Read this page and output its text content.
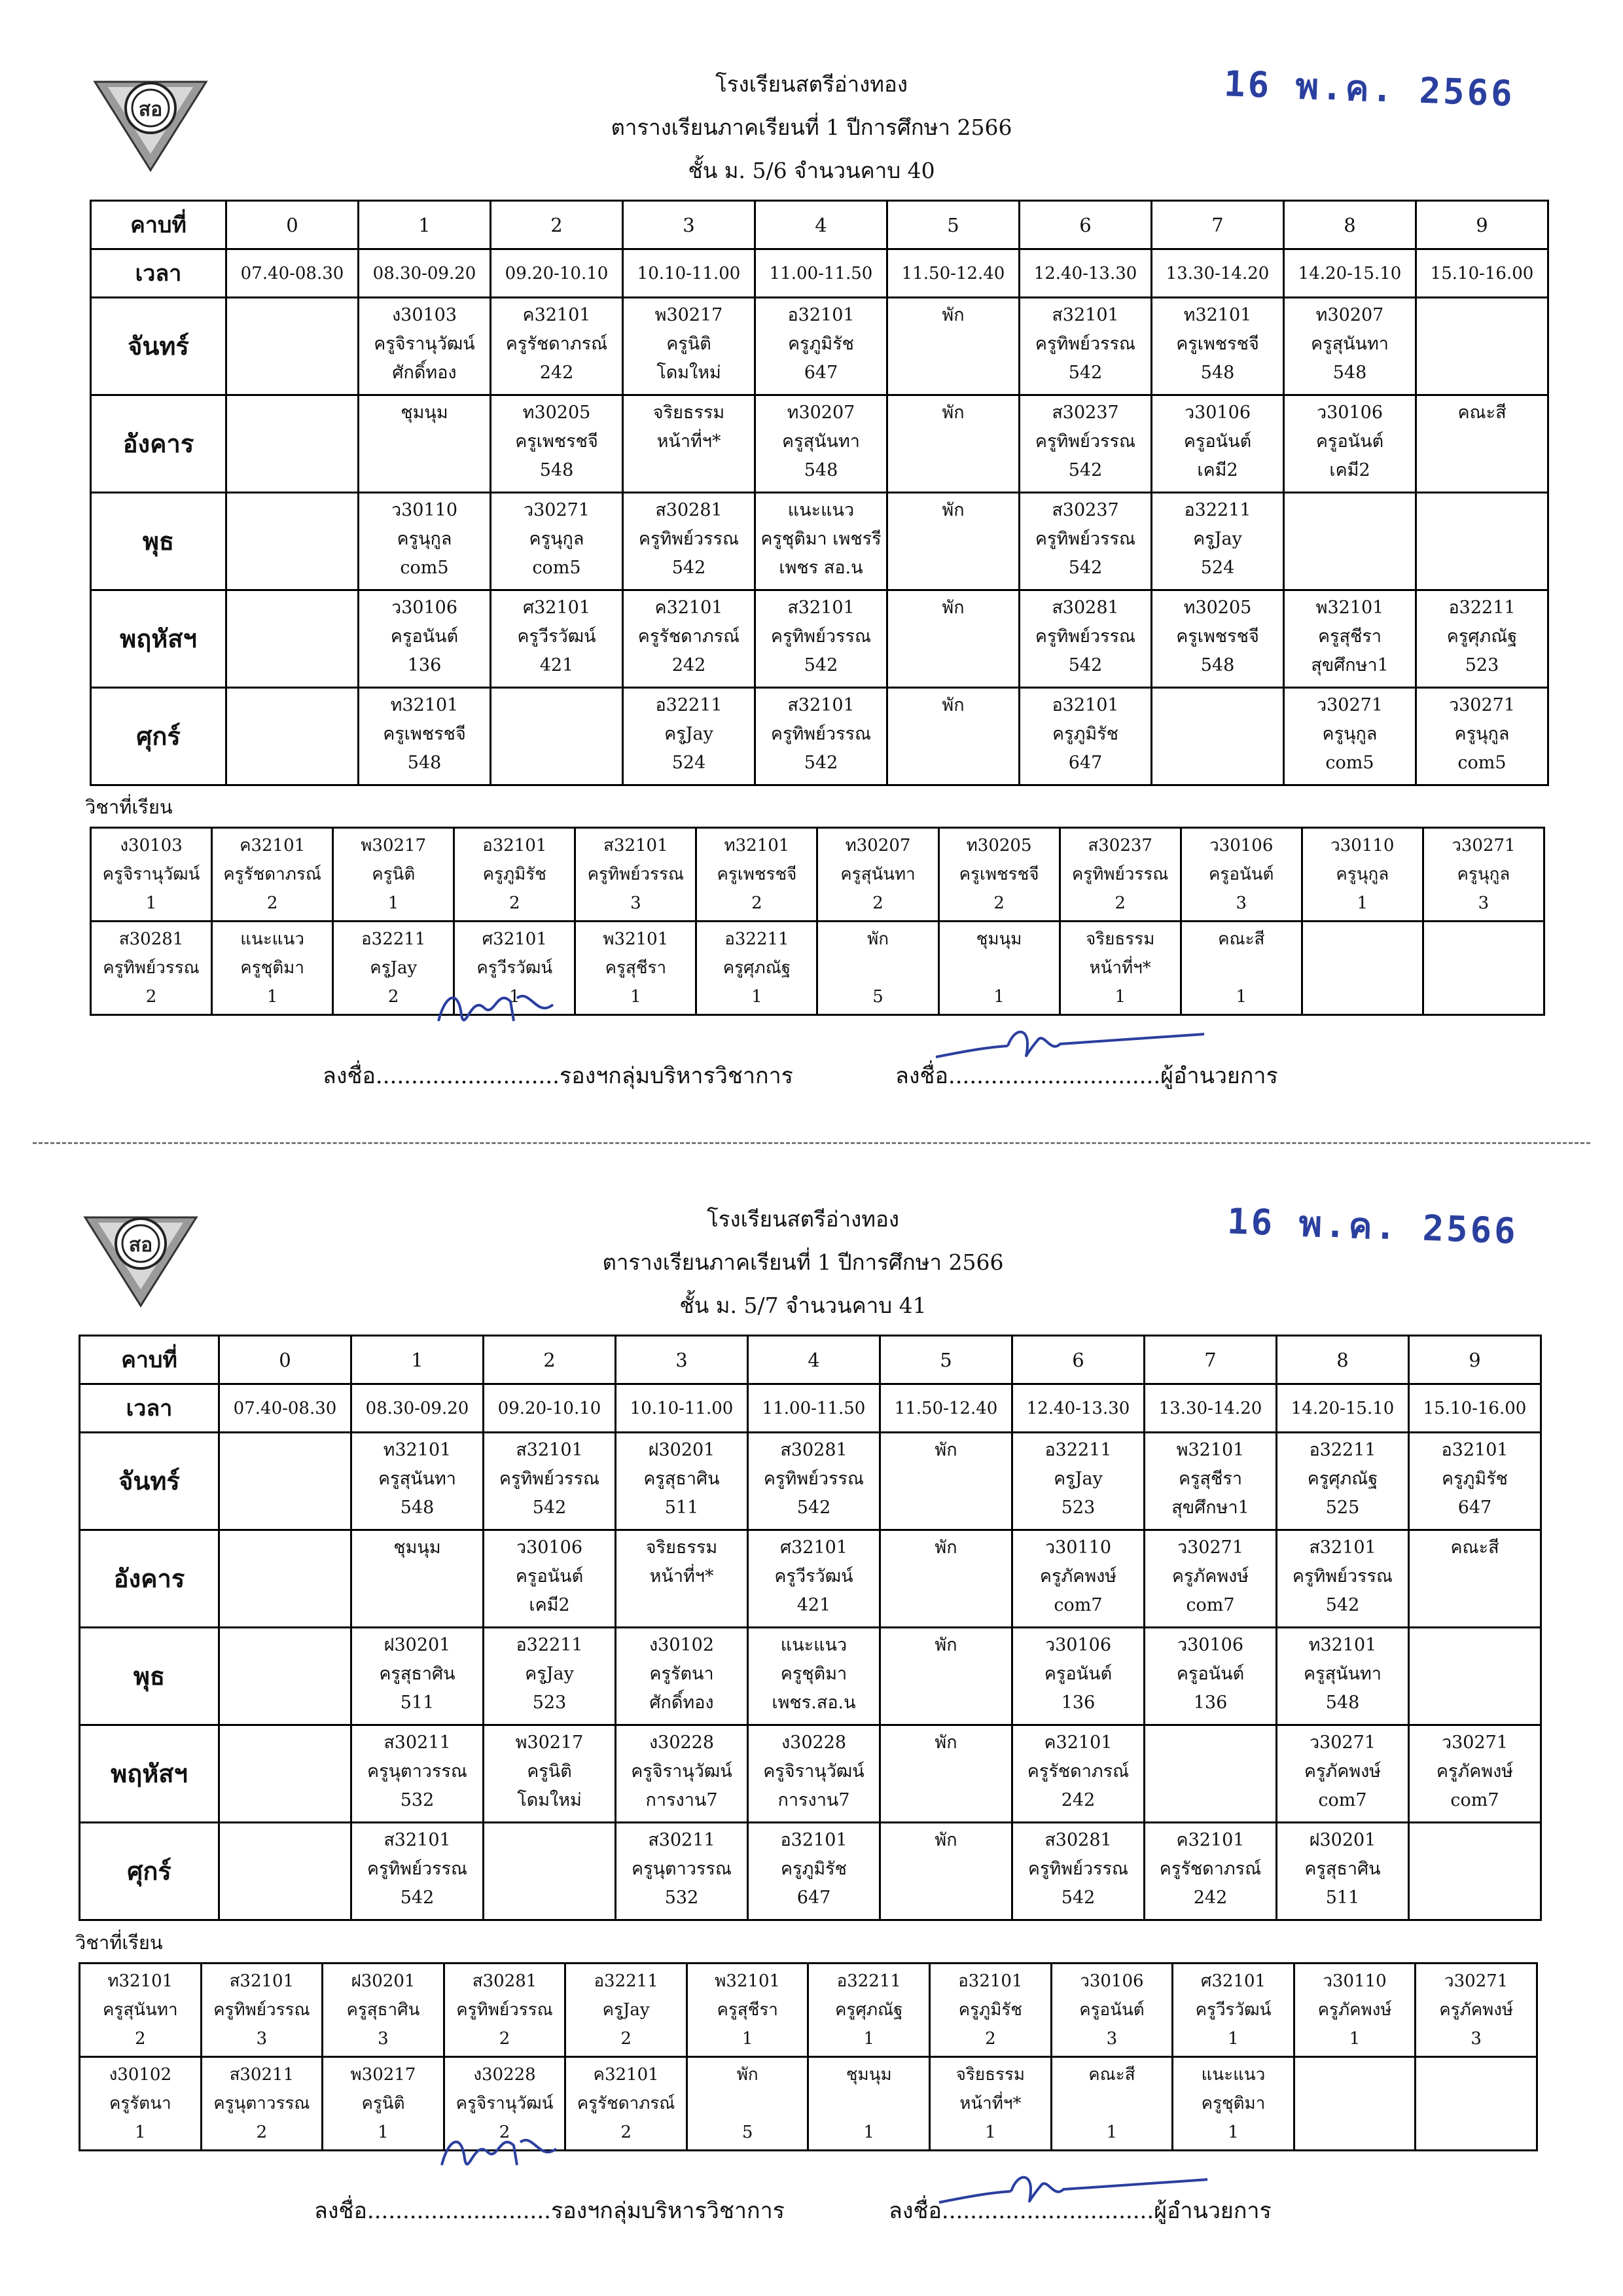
สอ
โรงเรียนสตรีอ่างทอง
ตารางเรียนภาคเรียนที่ 1 ปีการศึกษา 2566
ชั้น ม. 5/6 จำนวนคาบ 40
16 พ.ค. 2566
คาบที่	0	1	2	3	4	5	6	7	8	9
เวลา	07.40-08.30	08.30-09.20	09.20-10.10	10.10-11.00	11.00-11.50	11.50-12.40	12.40-13.30	13.30-14.20	14.20-15.10	15.10-16.00
จันทร์		ง30103
ครูจิรานุวัฒน์
ศักดิ์ทอง	ค32101
ครูรัชดาภรณ์
242	พ30217
ครูนิติ
โดมใหม่	อ32101
ครูภูมิรัช
647	พัก	ส32101
ครูทิพย์วรรณ
542	ท32101
ครูเพชรชจี
548	ท30207
ครูสุนันทา
548	

อังคาร		ชุมนุม	ท30205
ครูเพชรชจี
548	จริยธรรม
หน้าที่ฯ*	ท30207
ครูสุนันทา
548	พัก	ส30237
ครูทิพย์วรรณ
542	ว30106
ครูอนันต์
เคมี2	ว30106
ครูอนันต์
เคมี2	คณะสี

พุธ		ว30110
ครูนุกูล
com5	ว30271
ครูนุกูล
com5	ส30281
ครูทิพย์วรรณ
542	แนะแนว
ครูชุติมา เพชรรี
เพชร สอ.น	พัก	ส30237
ครูทิพย์วรรณ
542	อ32211
ครูJay
524		

พฤหัสฯ		ว30106
ครูอนันต์
136	ศ32101
ครูวีรวัฒน์
421	ค32101
ครูรัชดาภรณ์
242	ส32101
ครูทิพย์วรรณ
542	พัก	ส30281
ครูทิพย์วรรณ
542	ท30205
ครูเพชรชจี
548	พ32101
ครูสุชีรา
สุขศึกษา1	อ32211
ครูศุภณัฐ
523

ศุกร์		ท32101
ครูเพชรชจี
548		อ32211
ครูJay
524	ส32101
ครูทิพย์วรรณ
542	พัก	อ32101
ครูภูมิรัช
647		ว30271
ครูนุกูล
com5	ว30271
ครูนุกูล
com5
วิชาที่เรียน
ง30103
ครูจิรานุวัฒน์
1	ค32101
ครูรัชดาภรณ์
2	พ30217
ครูนิติ
1	อ32101
ครูภูมิรัช
2	ส32101
ครูทิพย์วรรณ
3	ท32101
ครูเพชรชจี
2	ท30207
ครูสุนันทา
2	ท30205
ครูเพชรชจี
2	ส30237
ครูทิพย์วรรณ
2	ว30106
ครูอนันต์
3	ว30110
ครูนุกูล
1	ว30271
ครูนุกูล
3

ส30281
ครูทิพย์วรรณ
2	แนะแนว
ครูชุติมา
1	อ32211
ครูJay
2	ศ32101
ครูวีรวัฒน์
1	พ32101
ครูสุชีรา
1	อ32211
ครูศุภณัฐ
1	พัก

5	ชุมนุม

1	จริยธรรม
หน้าที่ฯ*
1	คณะสี

1		

ลงชื่อ..........................รองฯกลุ่มบริหารวิชาการ	ลงชื่อ..............................ผู้อำนวยการ
สอ
โรงเรียนสตรีอ่างทอง
ตารางเรียนภาคเรียนที่ 1 ปีการศึกษา 2566
ชั้น ม. 5/7 จำนวนคาบ 41
16 พ.ค. 2566
คาบที่	0	1	2	3	4	5	6	7	8	9
เวลา	07.40-08.30	08.30-09.20	09.20-10.10	10.10-11.00	11.00-11.50	11.50-12.40	12.40-13.30	13.30-14.20	14.20-15.10	15.10-16.00
จันทร์		ท32101
ครูสุนันทา
548	ส32101
ครูทิพย์วรรณ
542	ฝ30201
ครูสุธาศิน
511	ส30281
ครูทิพย์วรรณ
542	พัก	อ32211
ครูJay
523	พ32101
ครูสุชีรา
สุขศึกษา1	อ32211
ครูศุภณัฐ
525	อ32101
ครูภูมิรัช
647

อังคาร		ชุมนุม	ว30106
ครูอนันต์
เคมี2	จริยธรรม
หน้าที่ฯ*	ศ32101
ครูวีรวัฒน์
421	พัก	ว30110
ครูภัคพงษ์
com7	ว30271
ครูภัคพงษ์
com7	ส32101
ครูทิพย์วรรณ
542	คณะสี

พุธ		ฝ30201
ครูสุธาศิน
511	อ32211
ครูJay
523	ง30102
ครูรัตนา
ศักดิ์ทอง	แนะแนว
ครูชุติมา
เพชร.สอ.น	พัก	ว30106
ครูอนันต์
136	ว30106
ครูอนันต์
136	ท32101
ครูสุนันทา
548	

พฤหัสฯ		ส30211
ครูนุตาวรรณ
532	พ30217
ครูนิติ
โดมใหม่	ง30228
ครูจิรานุวัฒน์
การงาน7	ง30228
ครูจิรานุวัฒน์
การงาน7	พัก	ค32101
ครูรัชดาภรณ์
242		ว30271
ครูภัคพงษ์
com7	ว30271
ครูภัคพงษ์
com7

ศุกร์		ส32101
ครูทิพย์วรรณ
542		ส30211
ครูนุตาวรรณ
532	อ32101
ครูภูมิรัช
647	พัก	ส30281
ครูทิพย์วรรณ
542	ค32101
ครูรัชดาภรณ์
242	ฝ30201
ครูสุธาศิน
511	

วิชาที่เรียน
ท32101
ครูสุนันทา
2	ส32101
ครูทิพย์วรรณ
3	ฝ30201
ครูสุธาศิน
3	ส30281
ครูทิพย์วรรณ
2	อ32211
ครูJay
2	พ32101
ครูสุชีรา
1	อ32211
ครูศุภณัฐ
1	อ32101
ครูภูมิรัช
2	ว30106
ครูอนันต์
3	ศ32101
ครูวีรวัฒน์
1	ว30110
ครูภัคพงษ์
1	ว30271
ครูภัคพงษ์
3

ง30102
ครูรัตนา
1	ส30211
ครูนุตาวรรณ
2	พ30217
ครูนิติ
1	ง30228
ครูจิรานุวัฒน์
2	ค32101
ครูรัชดาภรณ์
2	พัก

5	ชุมนุม

1	จริยธรรม
หน้าที่ฯ*
1	คณะสี

1	แนะแนว
ครูชุติมา
1		

ลงชื่อ..........................รองฯกลุ่มบริหารวิชาการ	ลงชื่อ..............................ผู้อำนวยการ
